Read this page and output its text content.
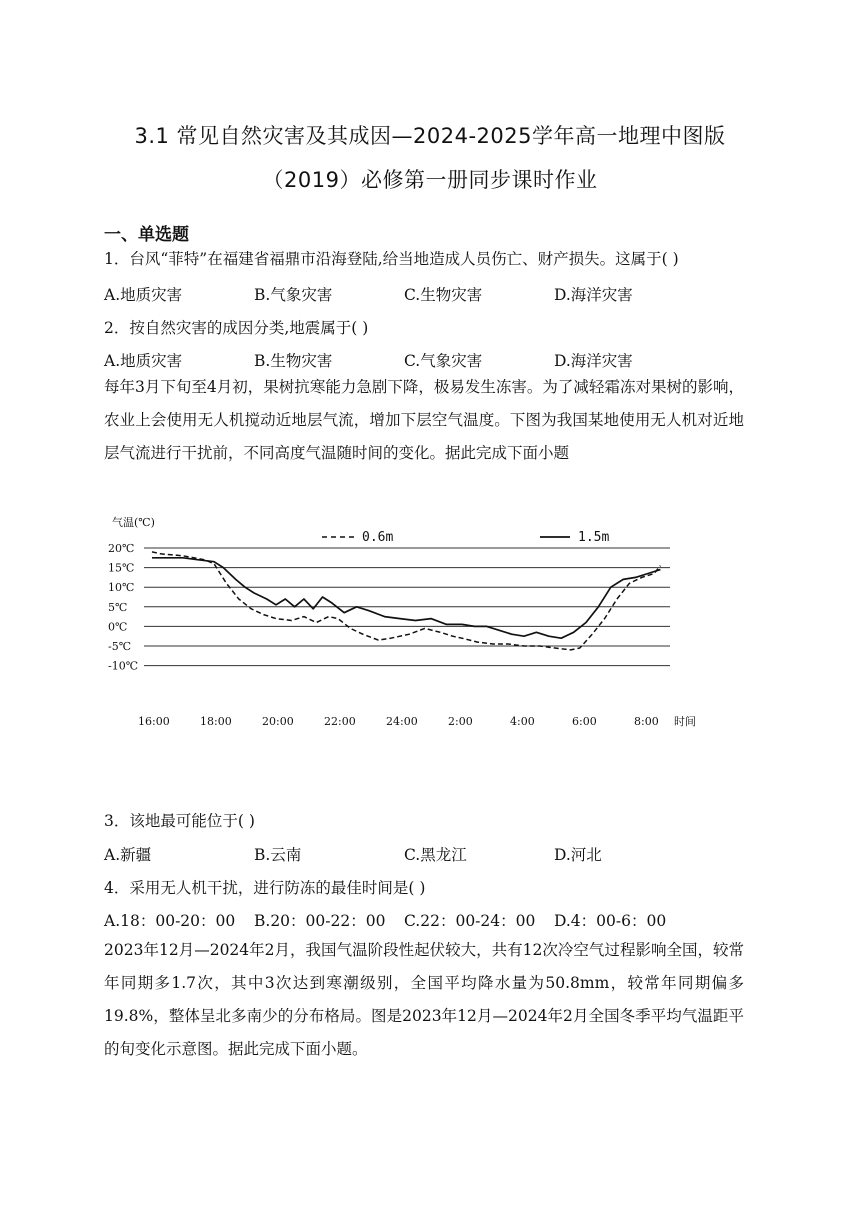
3.1 常见自然灾害及其成因—2024-2025学年高一地理中图版
（2019）必修第一册同步课时作业
一、单选题
1．台风“菲特”在福建省福鼎市沿海登陆,给当地造成人员伤亡、财产损失。这属于( )
A.地质灾害	B.气象灾害	C.生物灾害	D.海洋灾害
2．按自然灾害的成因分类,地震属于( )
A.地质灾害	B.生物灾害	C.气象灾害	D.海洋灾害
每年3月下旬至4月初，果树抗寒能力急剧下降，极易发生冻害。为了减轻霜冻对果树的影响，农业上会使用无人机搅动近地层气流，增加下层空气温度。下图为我国某地使用无人机对近地层气流进行干扰前，不同高度气温随时间的变化。据此完成下面小题
气温(℃)
20℃
15℃
10℃
5℃
0℃
-5℃
-10℃
16:00	18:00	20:00	22:00	24:00	2:00	4:00	6:00	8:00 时间
0.6m	1.5m
3．该地最可能位于( )
A.新疆	B.云南	C.黑龙江	D.河北
4．采用无人机干扰，进行防冻的最佳时间是( )
A.18：00-20：00 B.20：00-22：00 C.22：00-24：00 D.4：00-6：00
2023年12月—2024年2月，我国气温阶段性起伏较大，共有12次冷空气过程影响全国，较常年同期多1.7次，其中3次达到寒潮级别，全国平均降水量为50.8mm，较常年同期偏多19.8%，整体呈北多南少的分布格局。图是2023年12月—2024年2月全国冬季平均气温距平的旬变化示意图。据此完成下面小题。
